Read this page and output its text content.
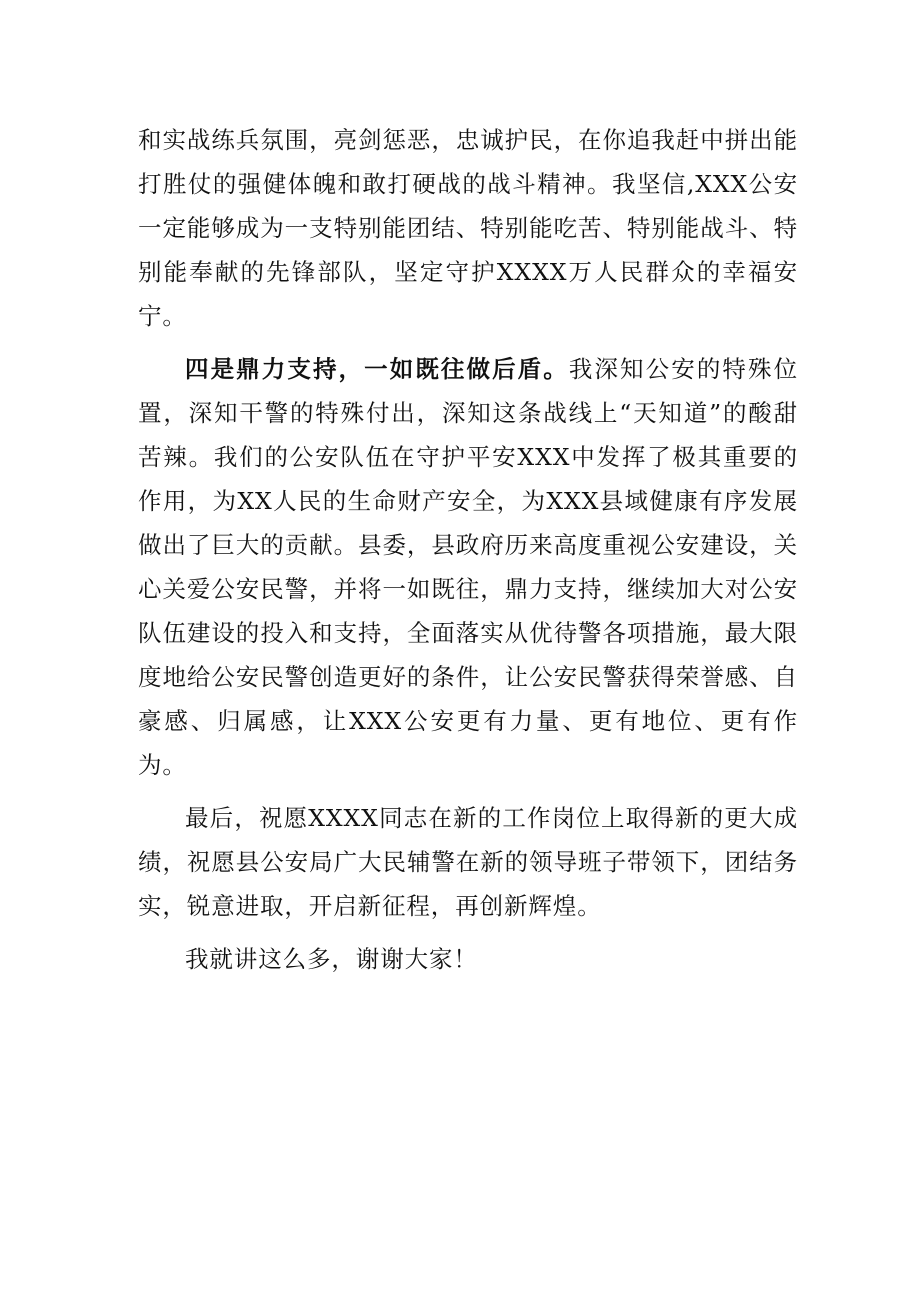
和实战练兵氛围，亮剑惩恶，忠诚护民，在你追我赶中拼出能打胜仗的强健体魄和敢打硬战的战斗精神。我坚信,XXX公安一定能够成为一支特别能团结、特别能吃苦、特别能战斗、特别能奉献的先锋部队，坚定守护XXXX万人民群众的幸福安宁。

四是鼎力支持，一如既往做后盾。我深知公安的特殊位置，深知干警的特殊付出，深知这条战线上“天知道”的酸甜苦辣。我们的公安队伍在守护平安XXX中发挥了极其重要的作用，为XX人民的生命财产安全，为XXX县域健康有序发展做出了巨大的贡献。县委，县政府历来高度重视公安建设，关心关爱公安民警，并将一如既往，鼎力支持，继续加大对公安队伍建设的投入和支持，全面落实从优待警各项措施，最大限度地给公安民警创造更好的条件，让公安民警获得荣誉感、自豪感、归属感，让XXX公安更有力量、更有地位、更有作为。

最后，祝愿XXXX同志在新的工作岗位上取得新的更大成绩，祝愿县公安局广大民辅警在新的领导班子带领下，团结务实，锐意进取，开启新征程，再创新辉煌。

我就讲这么多，谢谢大家！
